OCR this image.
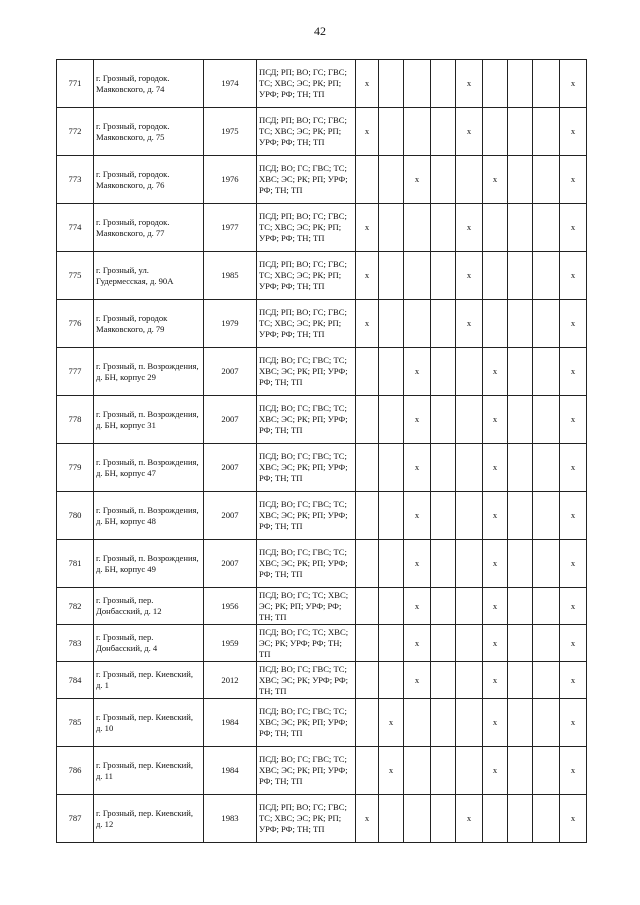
42
771	г. Грозный, городок. Маяковского, д. 74	1974	ПСД; РП; ВО; ГС; ГВС; ТС; ХВС; ЭС; РК; РП; УРФ; РФ; ТН; ТП	x				x				x
772	г. Грозный, городок. Маяковского, д. 75	1975	ПСД; РП; ВО; ГС; ГВС; ТС; ХВС; ЭС; РК; РП; УРФ; РФ; ТН; ТП	x				x				x
773	г. Грозный, городок. Маяковского, д. 76	1976	ПСД; ВО; ГС; ГВС; ТС; ХВС; ЭС; РК; РП; УРФ; РФ; ТН; ТП			x			x			x
774	г. Грозный, городок. Маяковского, д. 77	1977	ПСД; РП; ВО; ГС; ГВС; ТС; ХВС; ЭС; РК; РП; УРФ; РФ; ТН; ТП	x				x				x
775	г. Грозный, ул. Гудермесская, д. 90А	1985	ПСД; РП; ВО; ГС; ГВС; ТС; ХВС; ЭС; РК; РП; УРФ; РФ; ТН; ТП	x				x				x
776	г. Грозный, городок Маяковского, д. 79	1979	ПСД; РП; ВО; ГС; ГВС; ТС; ХВС; ЭС; РК; РП; УРФ; РФ; ТН; ТП	x				x				x
777	г. Грозный, п. Возрождения, д. БН, корпус 29	2007	ПСД; ВО; ГС; ГВС; ТС; ХВС; ЭС; РК; РП; УРФ; РФ; ТН; ТП			x			x			x
778	г. Грозный, п. Возрождения, д. БН, корпус 31	2007	ПСД; ВО; ГС; ГВС; ТС; ХВС; ЭС; РК; РП; УРФ; РФ; ТН; ТП			x			x			x
779	г. Грозный, п. Возрождения, д. БН, корпус 47	2007	ПСД; ВО; ГС; ГВС; ТС; ХВС; ЭС; РК; РП; УРФ; РФ; ТН; ТП			x			x			x
780	г. Грозный, п. Возрождения, д. БН, корпус 48	2007	ПСД; ВО; ГС; ГВС; ТС; ХВС; ЭС; РК; РП; УРФ; РФ; ТН; ТП			x			x			x
781	г. Грозный, п. Возрождения, д. БН, корпус 49	2007	ПСД; ВО; ГС; ГВС; ТС; ХВС; ЭС; РК; РП; УРФ; РФ; ТН; ТП			x			x			x
782	г. Грозный, пер. Донбасский, д. 12	1956	ПСД; ВО; ГС; ТС; ХВС; ЭС; РК; РП; УРФ; РФ; ТН; ТП			x			x			x
783	г. Грозный, пер. Донбасский, д. 4	1959	ПСД; ВО; ГС; ТС; ХВС; ЭС; РК; УРФ; РФ; ТН; ТП			x			x			x
784	г. Грозный, пер. Киевский, д. 1	2012	ПСД; ВО; ГС; ГВС; ТС; ХВС; ЭС; РК; УРФ; РФ; ТН; ТП			x			x			x
785	г. Грозный, пер. Киевский, д. 10	1984	ПСД; ВО; ГС; ГВС; ТС; ХВС; ЭС; РК; РП; УРФ; РФ; ТН; ТП		x				x			x
786	г. Грозный, пер. Киевский, д. 11	1984	ПСД; ВО; ГС; ГВС; ТС; ХВС; ЭС; РК; РП; УРФ; РФ; ТН; ТП		x				x			x
787	г. Грозный, пер. Киевский, д. 12	1983	ПСД; РП; ВО; ГС; ГВС; ТС; ХВС; ЭС; РК; РП; УРФ; РФ; ТН; ТП	x				x				x
